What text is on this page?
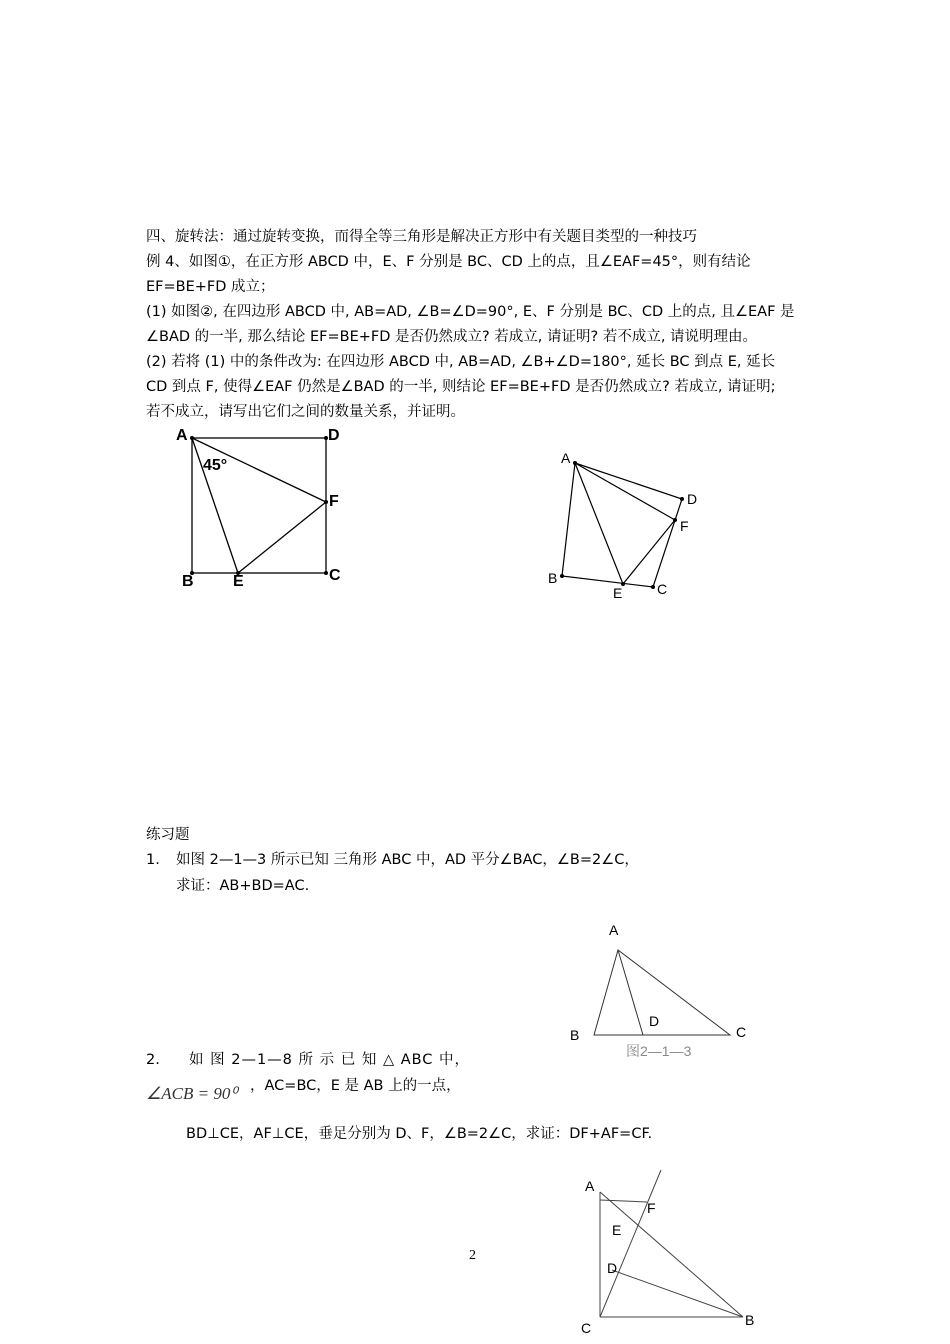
四、旋转法：通过旋转变换，而得全等三角形是解决正方形中有关题目类型的一种技巧
例 4、如图①，在正方形 ABCD 中，E、F 分别是 BC、CD 上的点，且∠EAF=45°，则有结论
EF=BE+FD 成立；
(1) 如图②, 在四边形 ABCD 中, AB=AD, ∠B=∠D=90°, E、F 分别是 BC、CD 上的点, 且∠EAF 是
∠BAD 的一半, 那么结论 EF=BE+FD 是否仍然成立? 若成立, 请证明? 若不成立, 请说明理由。
(2) 若将 (1) 中的条件改为: 在四边形 ABCD 中, AB=AD, ∠B+∠D=180°, 延长 BC 到点 E, 延长
CD 到点 F, 使得∠EAF 仍然是∠BAD 的一半, 则结论 EF=BE+FD 是否仍然成立? 若成立, 请证明;
若不成立，请写出它们之间的数量关系，并证明。
A	D
F
C
E
B
45°	A
D
F
C
E
B
练习题
1. 如图 2—1—3 所示已知 三角形 ABC 中，AD 平分∠BAC，∠B=2∠C，
求证：AB+BD=AC.
A
B	C
D
图2—1—3
2. 如 图 2—1—8 所 示 已 知 △ ABC 中，
∠ACB = 90⁰ ，AC=BC，E 是 AB 上的一点，
BD⊥CE，AF⊥CE，垂足分别为 D、F，∠B=2∠C，求证：DF+AF=CF.
A
F
E
D
C	B
2
